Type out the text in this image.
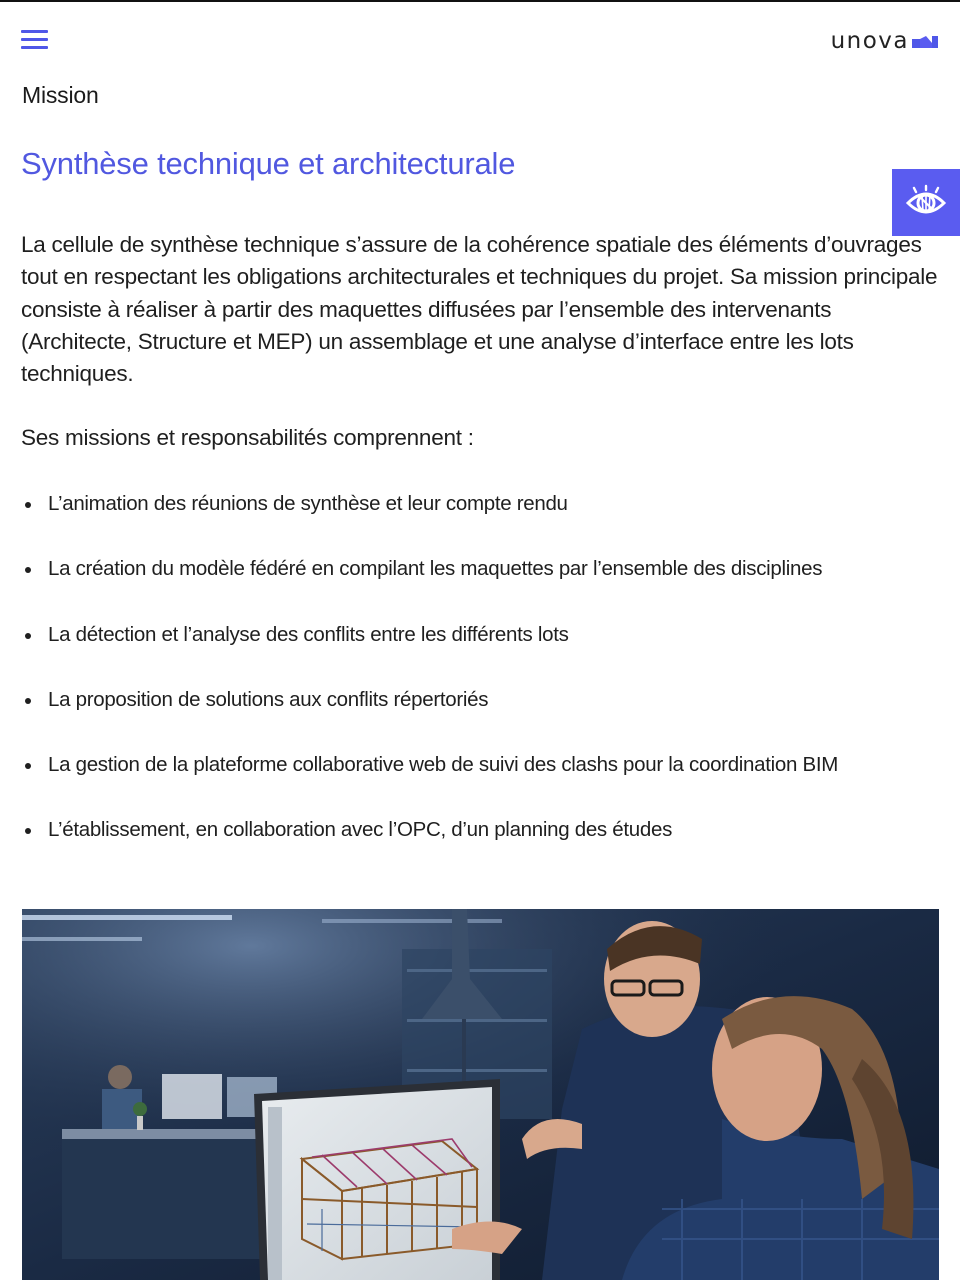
unova
Mission
Synthèse technique et architecturale

La cellule de synthèse technique s’assure de la cohérence spatiale des éléments d’ouvrages tout en respectant les obligations architecturales et techniques du projet. Sa mission principale consiste à réaliser à partir des maquettes diffusées par l’ensemble des intervenants (Architecte, Structure et MEP) un assemblage et une analyse d’interface entre les lots techniques.

Ses missions et responsabilités comprennent :

L’animation des réunions de synthèse et leur compte rendu
La création du modèle fédéré en compilant les maquettes par l’ensemble des disciplines
La détection et l’analyse des conflits entre les différents lots
La proposition de solutions aux conflits répertoriés
La gestion de la plateforme collaborative web de suivi des clashs pour la coordination BIM
L’établissement, en collaboration avec l’OPC, d’un planning des études
